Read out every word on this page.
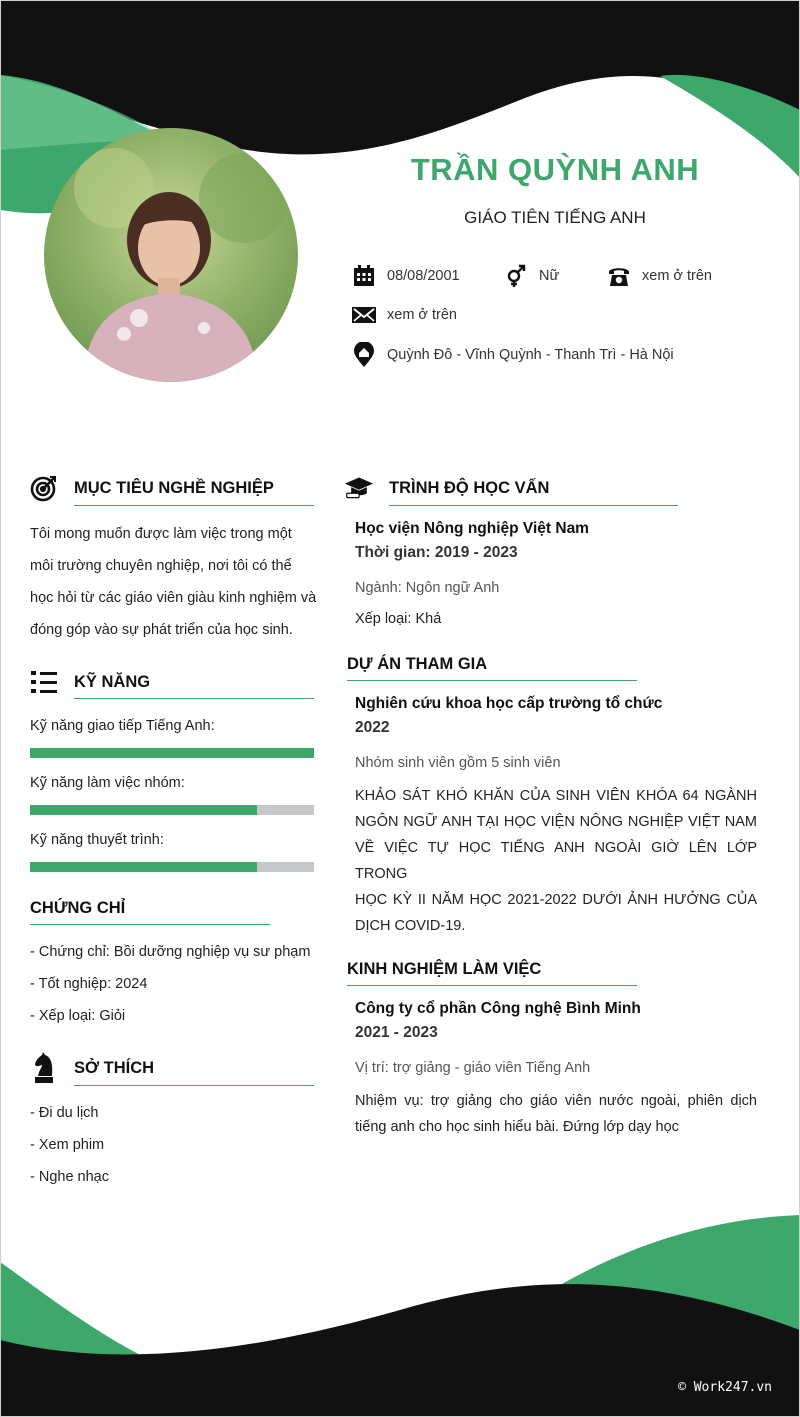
TRẦN QUỲNH ANH
GIÁO TIÊN TIẾNG ANH
08/08/2001	Nữ	xem ở trên
xem ở trên
Quỳnh Đô - Vĩnh Quỳnh - Thanh Trì - Hà Nội
MỤC TIÊU NGHỀ NGHIỆP
Tôi mong muốn được làm việc trong một
môi trường chuyên nghiệp, nơi tôi có thể
học hỏi từ các giáo viên giàu kinh nghiệm và
đóng góp vào sự phát triển của học sinh.
KỸ NĂNG
Kỹ năng giao tiếp Tiếng Anh:
Kỹ năng làm việc nhóm:
Kỹ năng thuyết trình:
CHỨNG CHỈ
- Chứng chỉ: Bồi dưỡng nghiệp vụ sư phạm
- Tốt nghiệp: 2024
- Xếp loại: Giỏi
SỞ THÍCH
- Đi du lịch
- Xem phim
- Nghe nhạc
TRÌNH ĐỘ HỌC VẤN
Học viện Nông nghiệp Việt Nam
Thời gian: 2019 - 2023
Ngành: Ngôn ngữ Anh
Xếp loại: Khá
DỰ ÁN THAM GIA
Nghiên cứu khoa học cấp trường tổ chức
2022
Nhóm sinh viên gồm 5 sinh viên
KHẢO SÁT KHÓ KHĂN CỦA SINH VIÊN KHÓA 64 NGÀNH
NGÔN NGỮ ANH TẠI HỌC VIỆN NÔNG NGHIỆP VIỆT NAM
VỀ VIỆC TỰ HỌC TIẾNG ANH NGOÀI GIỜ LÊN LỚP TRONG
HỌC KỲ II NĂM HỌC 2021-2022 DƯỚI ẢNH HƯỞNG CỦA
DỊCH COVID-19.
KINH NGHIỆM LÀM VIỆC
Công ty cổ phần Công nghệ Bình Minh
2021 - 2023
Vị trí: trợ giảng - giáo viên Tiếng Anh
Nhiệm vụ: trợ giảng cho giáo viên nước ngoài, phiên dịch
tiếng anh cho học sinh hiểu bài. Đứng lớp dạy học
© Work247.vn
